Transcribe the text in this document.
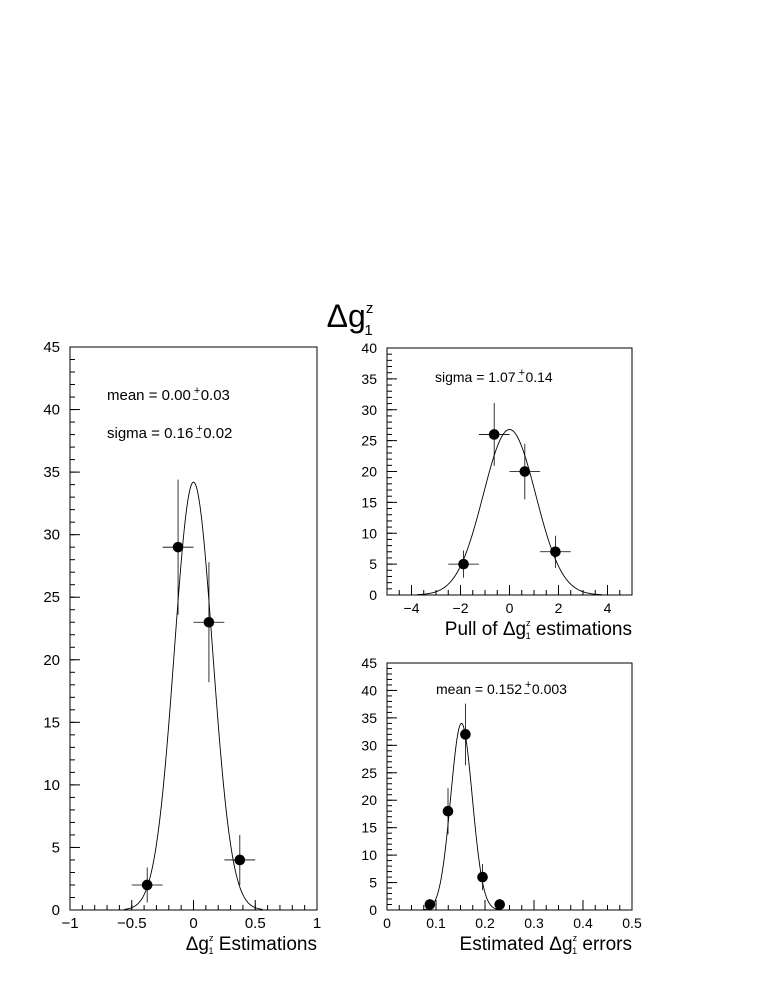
$\Delta g^z$ 1
−1	−0.5	0	0.5	1
0
5
10
15
20
25
30
35
40
45
$\Delta g^z$ 1 Estimations
mean = 0.00 + − 0.03
sigma = 0.16 + − 0.02
−4 −2	0	2	4
0
5
10
15
20
25
30
35
40
Pull of $\Delta g^z$ 1 estimations
sigma = 1.07 + − 0.14
0	0.1 0.2 0.3 0.4 0.5
0
5
10
15
20
25
30
35
40
45
Estimated $\Delta g^z$ 1 errors
mean = 0.152 + − 0.003
